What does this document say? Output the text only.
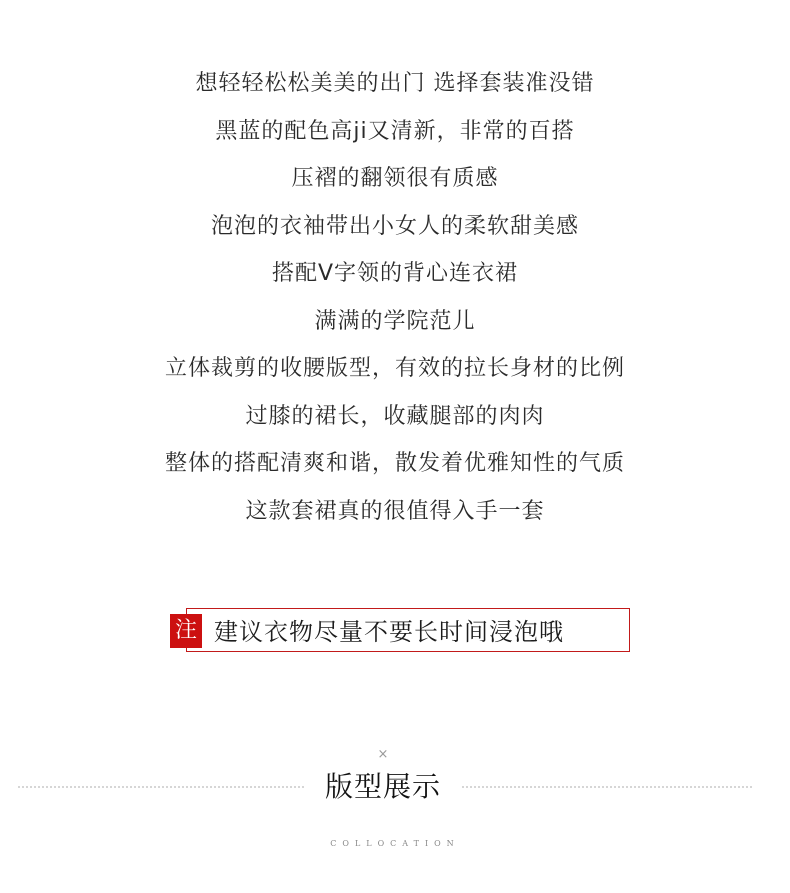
想轻轻松松美美的出门 选择套装准没错
黑蓝的配色高ji又清新，非常的百搭
压褶的翻领很有质感
泡泡的衣袖带出小女人的柔软甜美感
搭配V字领的背心连衣裙
满满的学院范儿
立体裁剪的收腰版型，有效的拉长身材的比例
过膝的裙长，收藏腿部的肉肉
整体的搭配清爽和谐，散发着优雅知性的气质
这款套裙真的很值得入手一套
注 建议衣物尽量不要长时间浸泡哦
×
版型展示
COLLOCATION
